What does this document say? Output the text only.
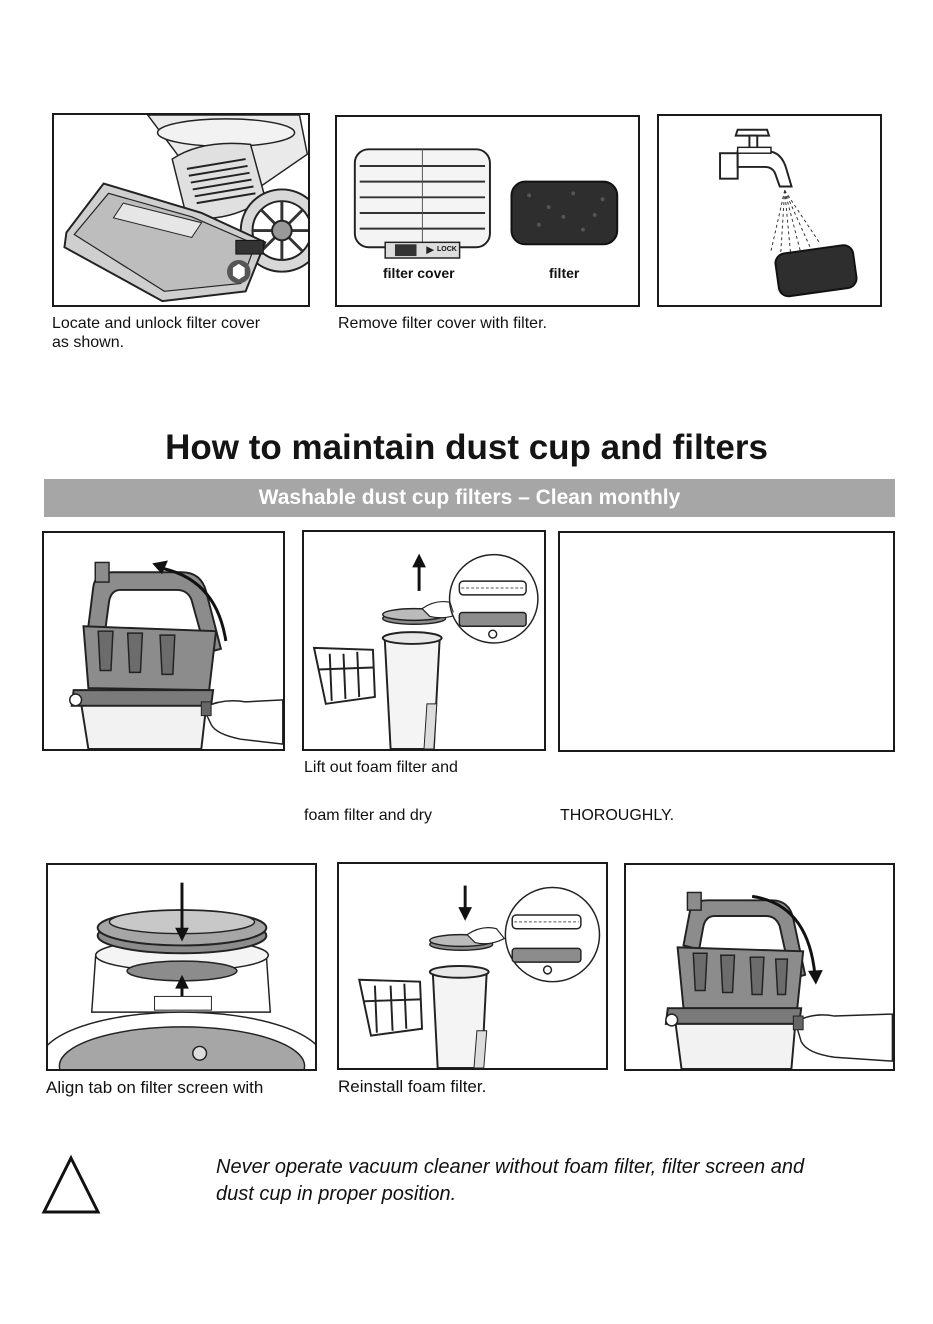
filter cover	filter
LOCK
Locate and unlock filter cover
as shown.
Remove filter cover with filter.
How to maintain dust cup and filters
Washable dust cup filters – Clean monthly
Lift out foam filter and
foam filter and dry	THOROUGHLY.
Align tab on filter screen with	Reinstall foam filter.
Never operate vacuum cleaner without foam filter, filter screen and
dust cup in proper position.
